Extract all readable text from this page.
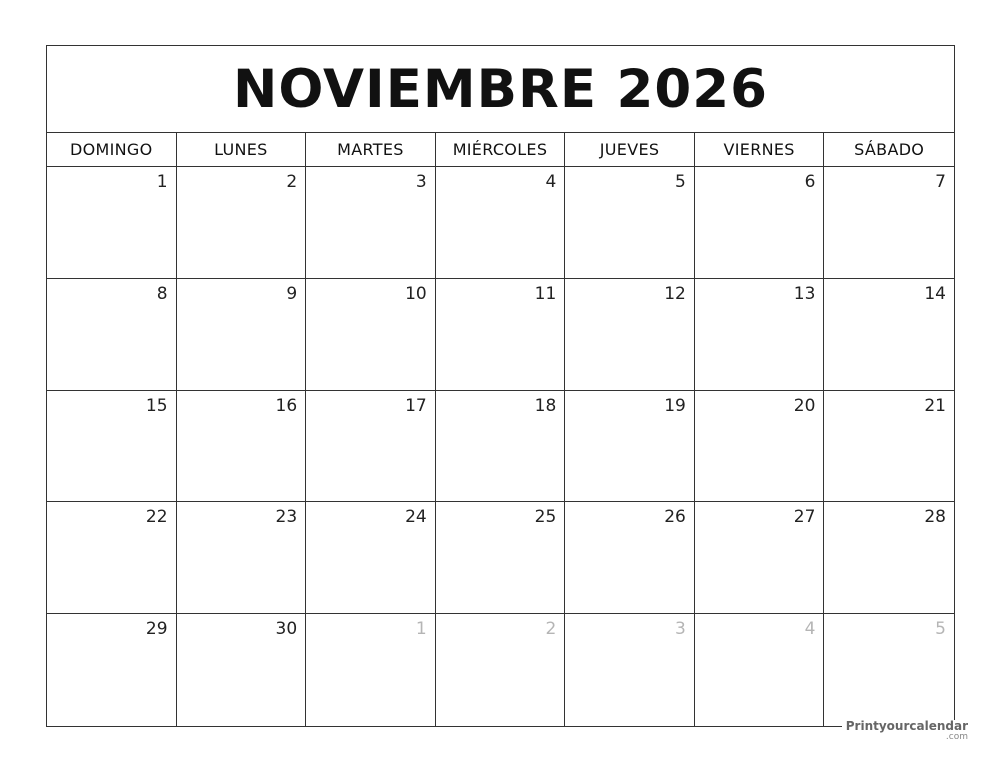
NOVIEMBRE 2026
DOMINGO	LUNES	MARTES	MIÉRCOLES	JUEVES	VIERNES	SÁBADO
1	2	3	4	5	6	7
8	9	10	11	12	13	14
15	16	17	18	19	20	21
22	23	24	25	26	27	28
29	30	1	2	3	4	5
Printyourcalendar
.com
